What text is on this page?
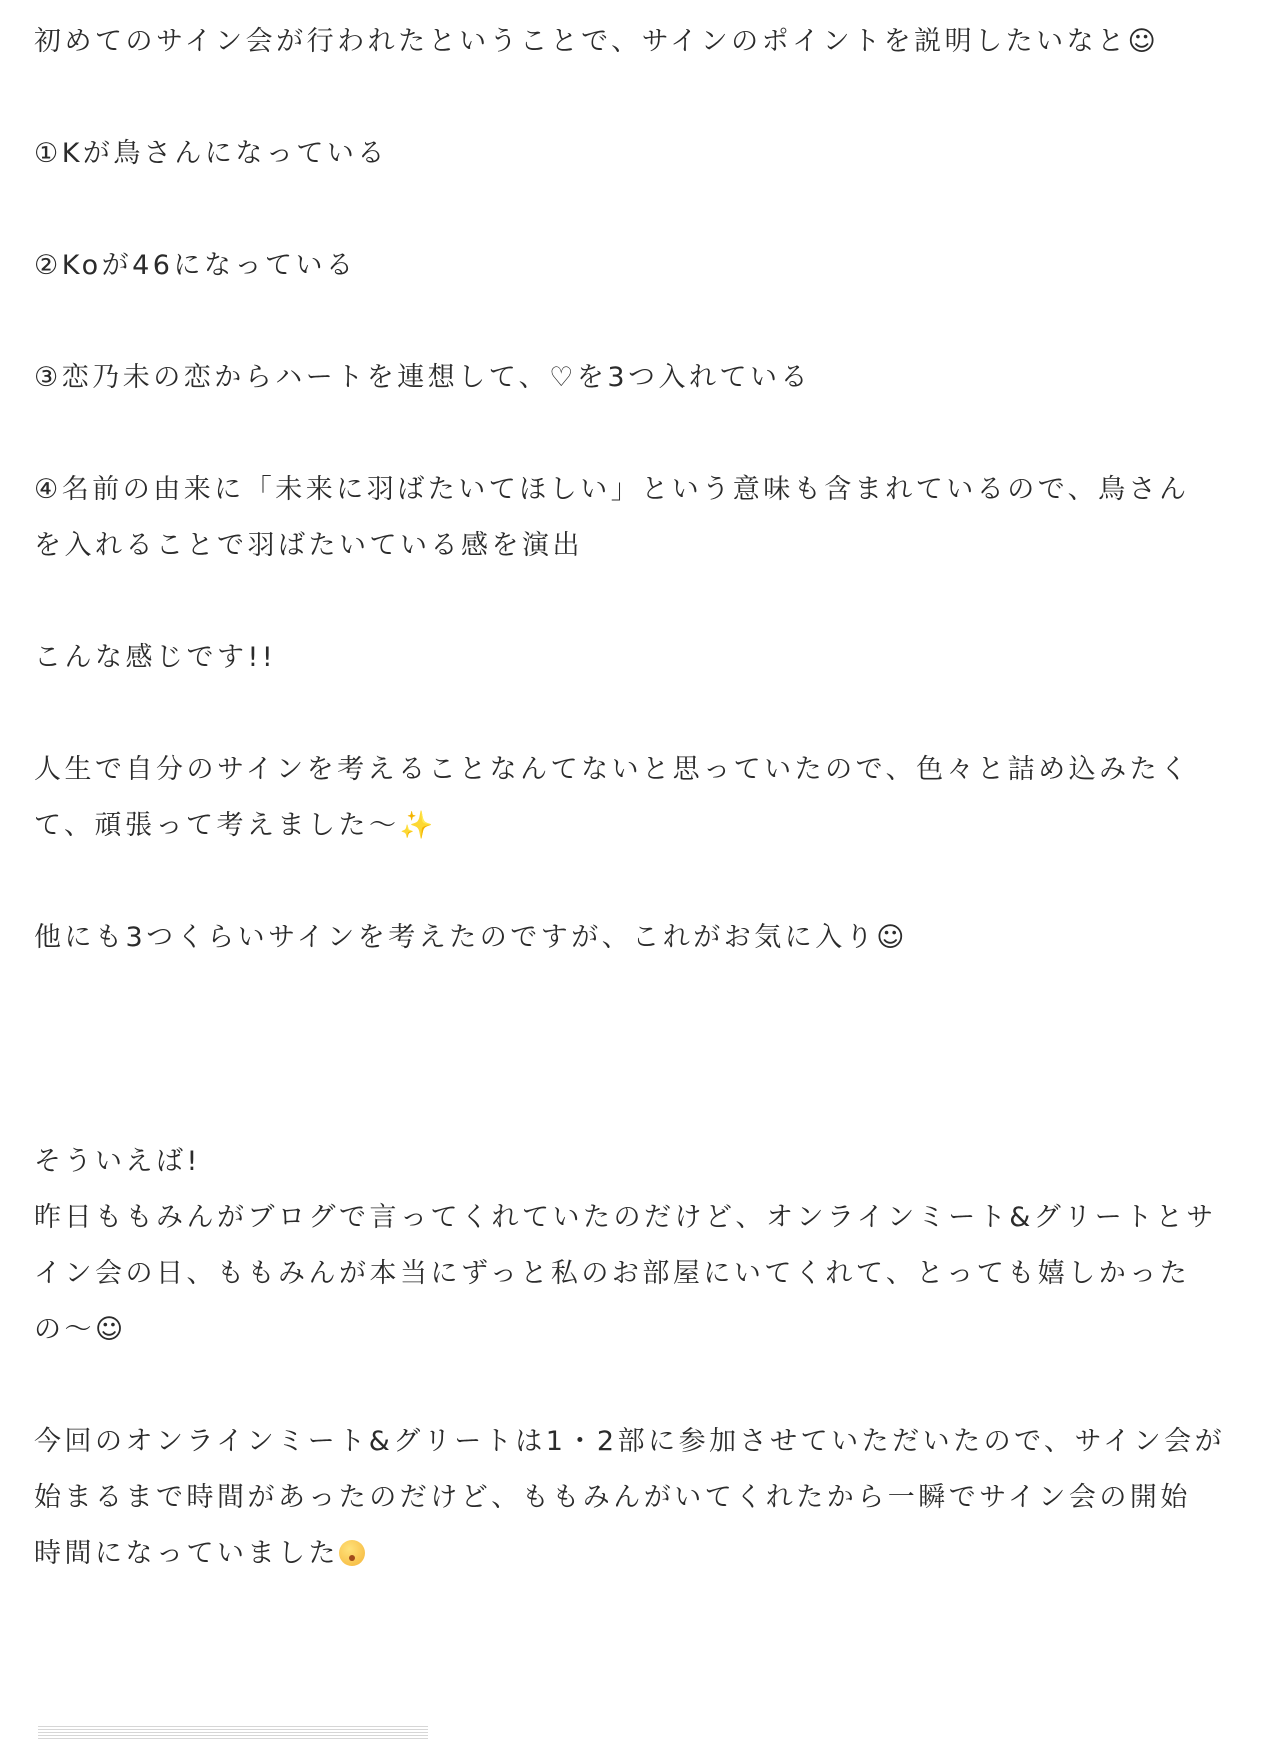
初めてのサイン会が行われたということで、サインのポイントを説明したいなと☺

①Kが鳥さんになっている

②Koが46になっている

③恋乃未の恋からハートを連想して、♡を3つ入れている

④名前の由来に「未来に羽ばたいてほしい」という意味も含まれているので、鳥さん

を入れることで羽ばたいている感を演出

こんな感じです!!

人生で自分のサインを考えることなんてないと思っていたので、色々と詰め込みたく

て、頑張って考えました〜✨

他にも3つくらいサインを考えたのですが、これがお気に入り☺

そういえば!

昨日ももみんがブログで言ってくれていたのだけど、オンラインミート&グリートとサ

イン会の日、ももみんが本当にずっと私のお部屋にいてくれて、とっても嬉しかった

の〜☺

今回のオンラインミート&グリートは1・2部に参加させていただいたので、サイン会が

始まるまで時間があったのだけど、ももみんがいてくれたから一瞬でサイン会の開始

時間になっていました
